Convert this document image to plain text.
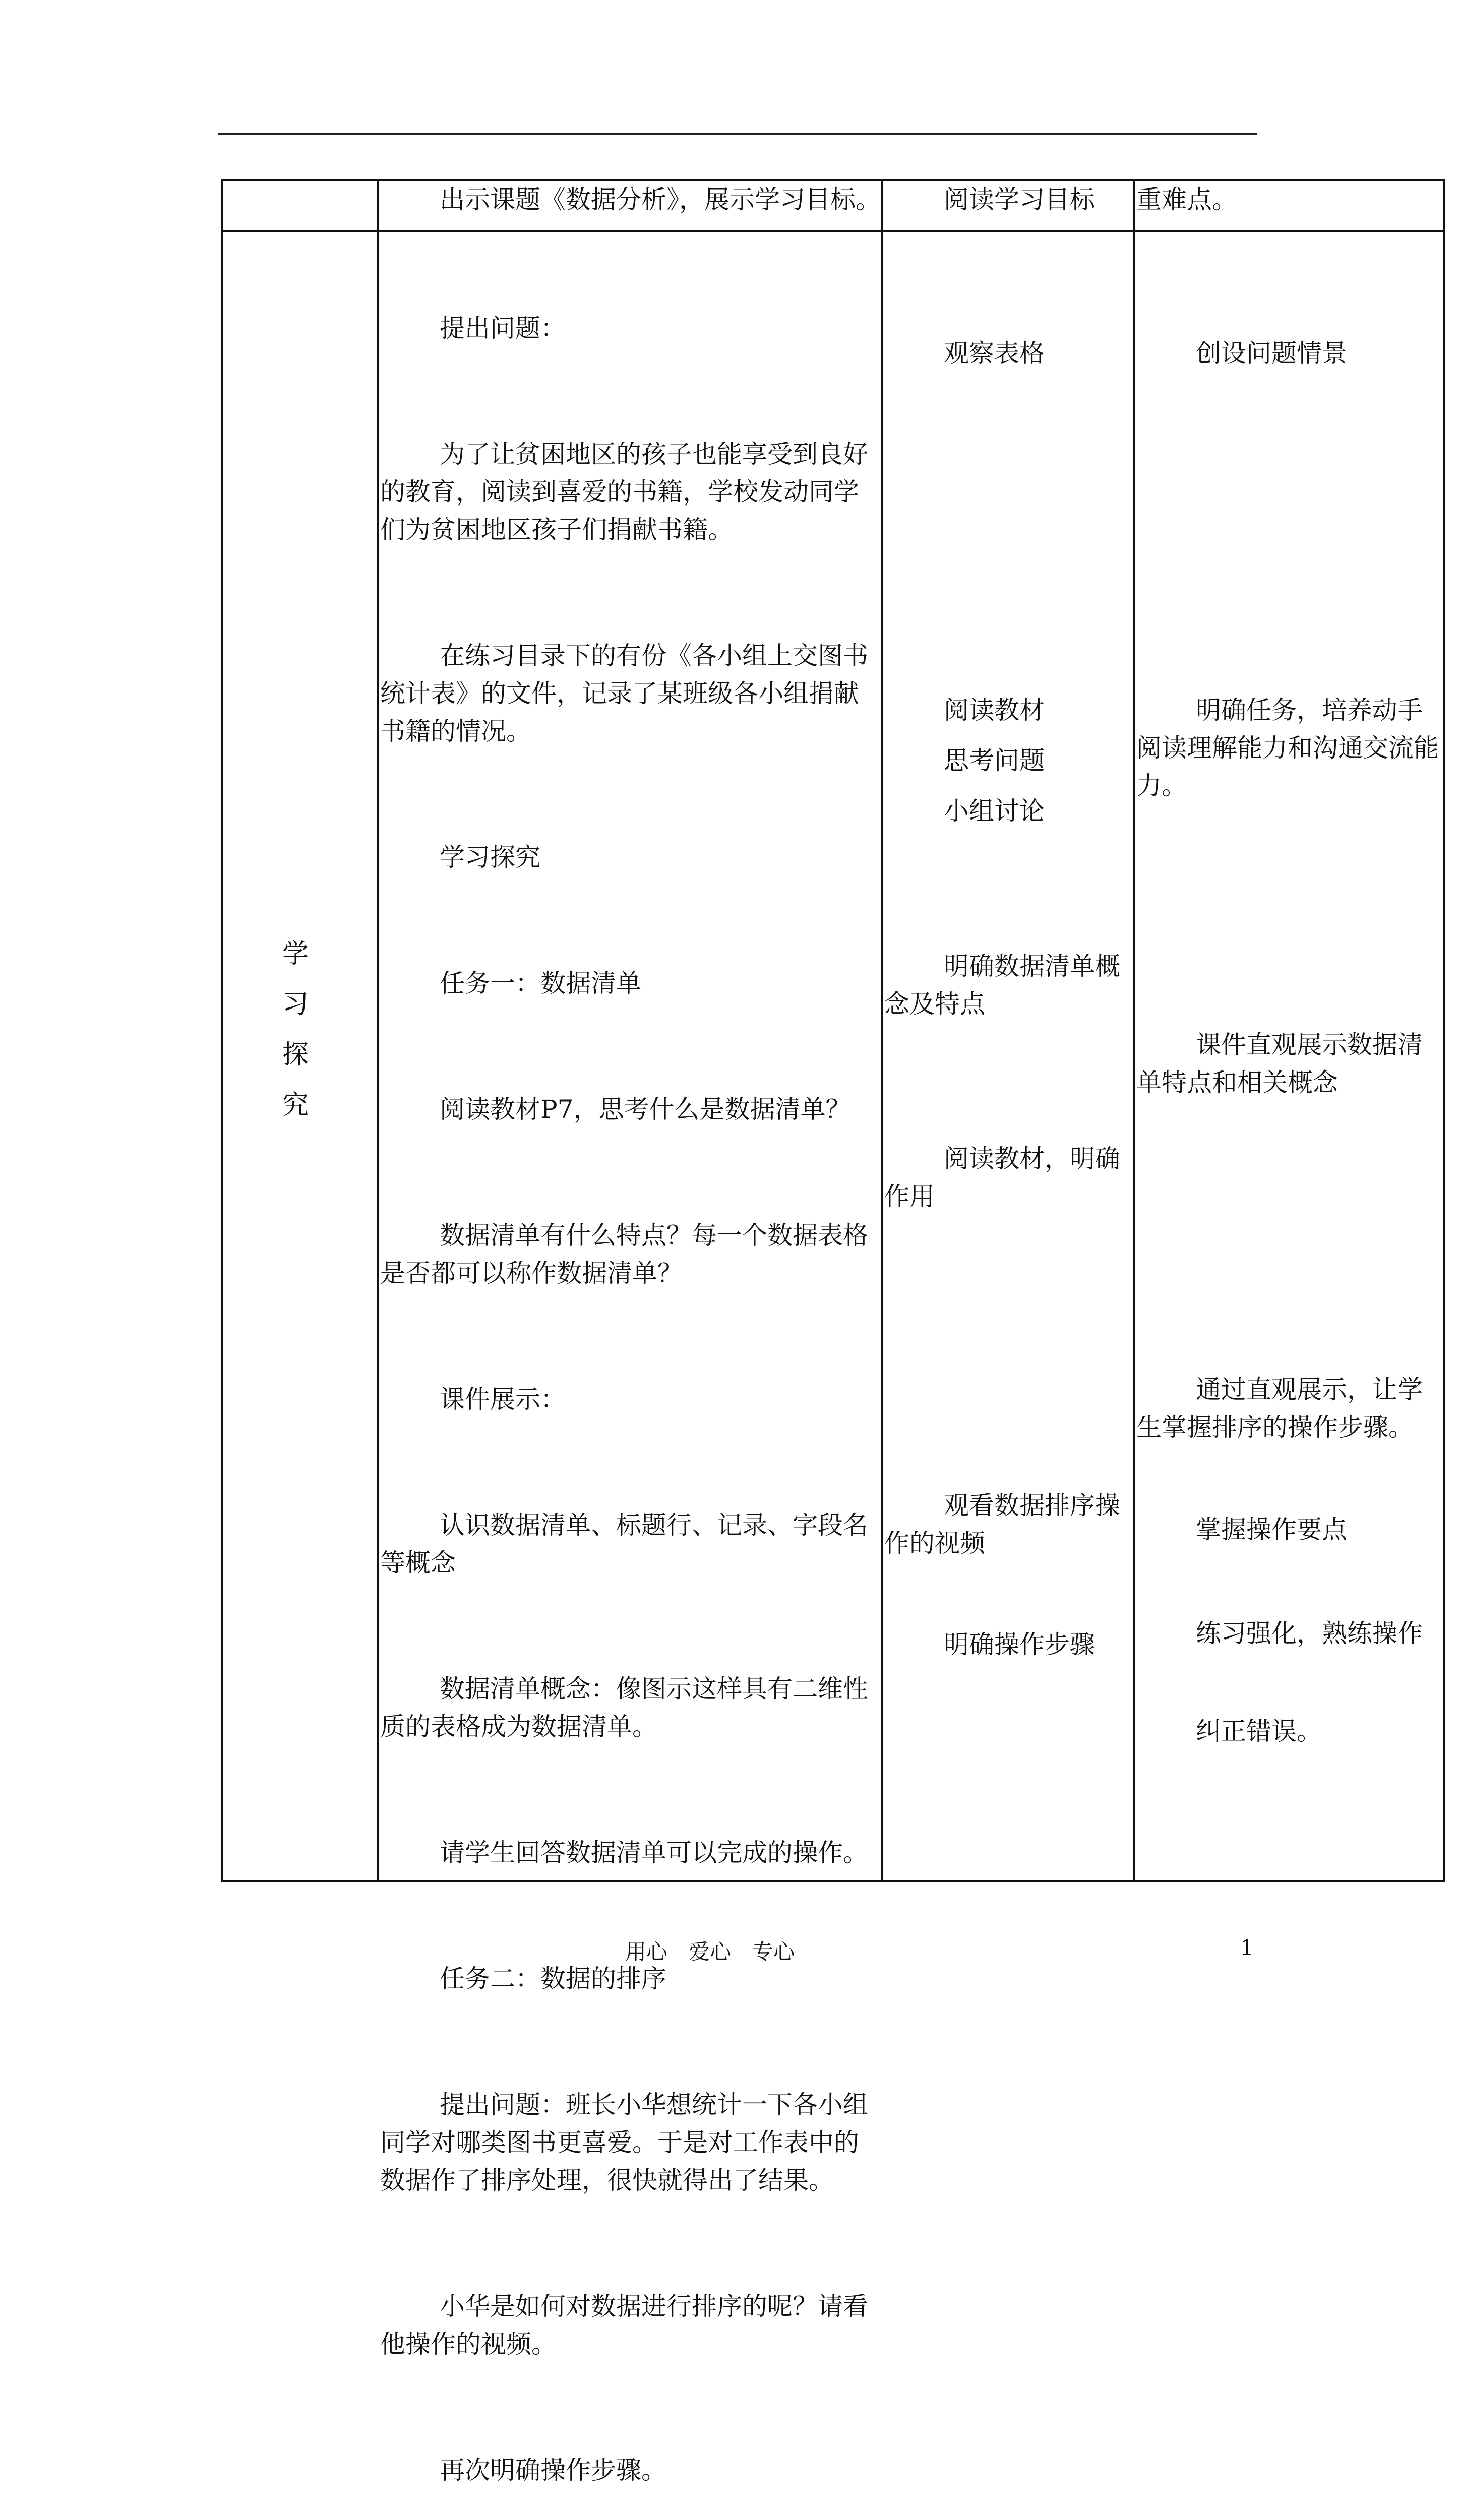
出示课题《数据分析》，展示学习目标。	阅读学习目标 重难点。
学
习
探
究

提出问题：

为了让贫困地区的孩子也能享受到良好的教育，阅读到喜爱的书籍，学校发动同学们为贫困地区孩子们捐献书籍。

在练习目录下的有份《各小组上交图书统计表》的文件，记录了某班级各小组捐献书籍的情况。

学习探究

任务一：数据清单

阅读教材P7，思考什么是数据清单？

数据清单有什么特点？每一个数据表格是否都可以称作数据清单？

课件展示：

认识数据清单、标题行、记录、字段名等概念

数据清单概念：像图示这样具有二维性质的表格成为数据清单。

请学生回答数据清单可以完成的操作。

任务二：数据的排序

提出问题：班长小华想统计一下各小组同学对哪类图书更喜爱。于是对工作表中的数据作了排序处理，很快就得出了结果。

小华是如何对数据进行排序的呢？请看他操作的视频。

再次明确操作步骤。

观察表格
阅读教材
思考问题
小组讨论
明确数据清单概念及特点
阅读教材，明确作用
观看数据排序操作的视频
明确操作步骤
创设问题情景
明确任务，培养动手阅读理解能力和沟通交流能力。
课件直观展示数据清单特点和相关概念
通过直观展示，让学生掌握排序的操作步骤。
掌握操作要点
练习强化，熟练操作
纠正错误。
用心　爱心　专心	1
